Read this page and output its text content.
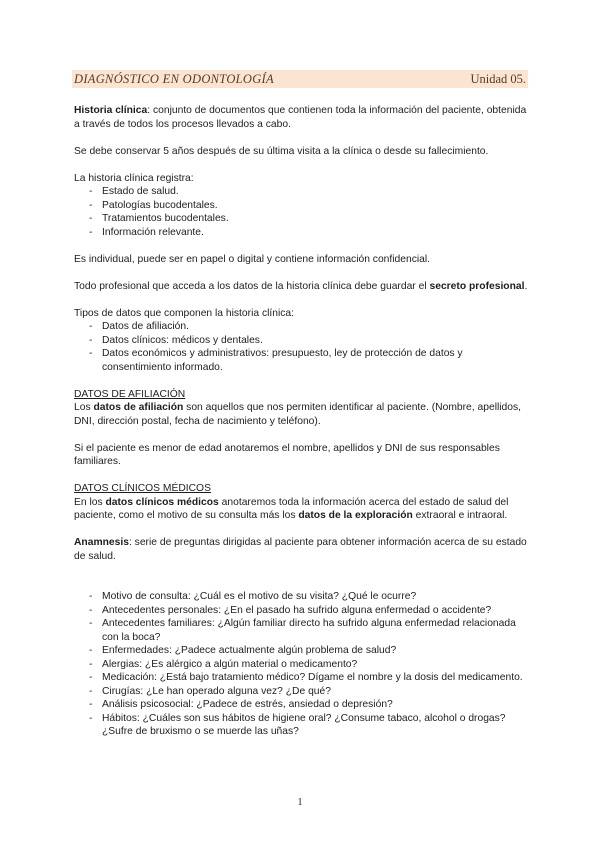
DIAGNÓSTICO EN ODONTOLOGÍA	Unidad 05.

Historia clínica: conjunto de documentos que contienen toda la información del paciente, obtenida a través de todos los procesos llevados a cabo.

Se debe conservar 5 años después de su última visita a la clínica o desde su fallecimiento.

La historia clínica registra:

- Estado de salud.
- Patologías bucodentales.
- Tratamientos bucodentales.
- Información relevante.

Es individual, puede ser en papel o digital y contiene información confidencial.

Todo profesional que acceda a los datos de la historia clínica debe guardar el secreto profesional.

Tipos de datos que componen la historia clínica:

- Datos de afiliación.
- Datos clínicos: médicos y dentales.
- Datos económicos y administrativos: presupuesto, ley de protección de datos y consentimiento informado.

DATOS DE AFILIACIÓN

Los datos de afiliación son aquellos que nos permiten identificar al paciente. (Nombre, apellidos, DNI, dirección postal, fecha de nacimiento y teléfono).

Si el paciente es menor de edad anotaremos el nombre, apellidos y DNI de sus responsables familiares.

DATOS CLÍNICOS MÉDICOS

En los datos clínicos médicos anotaremos toda la información acerca del estado de salud del paciente, como el motivo de su consulta más los datos de la exploración extraoral e intraoral.

Anamnesis: serie de preguntas dirigidas al paciente para obtener información acerca de su estado de salud.

- Motivo de consulta: ¿Cuál es el motivo de su visita? ¿Qué le ocurre?
- Antecedentes personales: ¿En el pasado ha sufrido alguna enfermedad o accidente?
- Antecedentes familiares: ¿Algún familiar directo ha sufrido alguna enfermedad relacionada con la boca?
- Enfermedades: ¿Padece actualmente algún problema de salud?
- Alergias: ¿Es alérgico a algún material o medicamento?
- Medicación: ¿Está bajo tratamiento médico? Dígame el nombre y la dosis del medicamento.
- Cirugías: ¿Le han operado alguna vez? ¿De qué?
- Análisis psicosocial: ¿Padece de estrés, ansiedad o depresión?
- Hábitos: ¿Cuáles son sus hábitos de higiene oral? ¿Consume tabaco, alcohol o drogas? ¿Sufre de bruxismo o se muerde las uñas?
1
